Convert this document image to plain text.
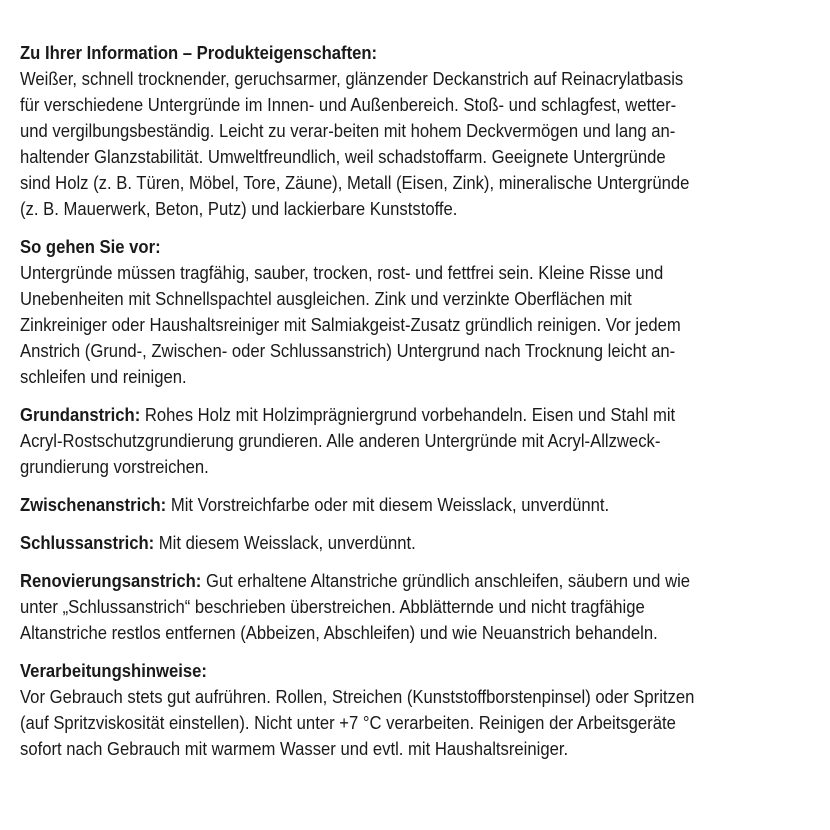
Zu Ihrer Information – Produkteigenschaften:
Weißer, schnell trocknender, geruchsarmer, glänzender Deckanstrich auf Reinacrylatbasis
für verschiedene Untergründe im Innen- und Außenbereich. Stoß- und schlagfest, wetter-
und vergilbungsbeständig. Leicht zu verar-beiten mit hohem Deckvermögen und lang an-
haltender Glanzstabilität. Umweltfreundlich, weil schadstoffarm. Geeignete Untergründe
sind Holz (z. B. Türen, Möbel, Tore, Zäune), Metall (Eisen, Zink), mineralische Untergründe
(z. B. Mauerwerk, Beton, Putz) und lackierbare Kunststoffe.
So gehen Sie vor:
Untergründe müssen tragfähig, sauber, trocken, rost- und fettfrei sein. Kleine Risse und
Unebenheiten mit Schnellspachtel ausgleichen. Zink und verzinkte Oberflächen mit
Zinkreiniger oder Haushaltsreiniger mit Salmiakgeist-Zusatz gründlich reinigen. Vor jedem
Anstrich (Grund-, Zwischen- oder Schlussanstrich) Untergrund nach Trocknung leicht an-
schleifen und reinigen.
Grundanstrich: Rohes Holz mit Holzimprägniergrund vorbehandeln. Eisen und Stahl mit
Acryl-Rostschutzgrundierung grundieren. Alle anderen Untergründe mit Acryl-Allzweck-
grundierung vorstreichen.
Zwischenanstrich: Mit Vorstreichfarbe oder mit diesem Weisslack, unverdünnt.
Schlussanstrich: Mit diesem Weisslack, unverdünnt.
Renovierungsanstrich: Gut erhaltene Altanstriche gründlich anschleifen, säubern und wie
unter „Schlussanstrich“ beschrieben überstreichen. Abblätternde und nicht tragfähige
Altanstriche restlos entfernen (Abbeizen, Abschleifen) und wie Neuanstrich behandeln.
Verarbeitungshinweise:
Vor Gebrauch stets gut aufrühren. Rollen, Streichen (Kunststoffborstenpinsel) oder Spritzen
(auf Spritzviskosität einstellen). Nicht unter +7 °C verarbeiten. Reinigen der Arbeitsgeräte
sofort nach Gebrauch mit warmem Wasser und evtl. mit Haushaltsreiniger.
